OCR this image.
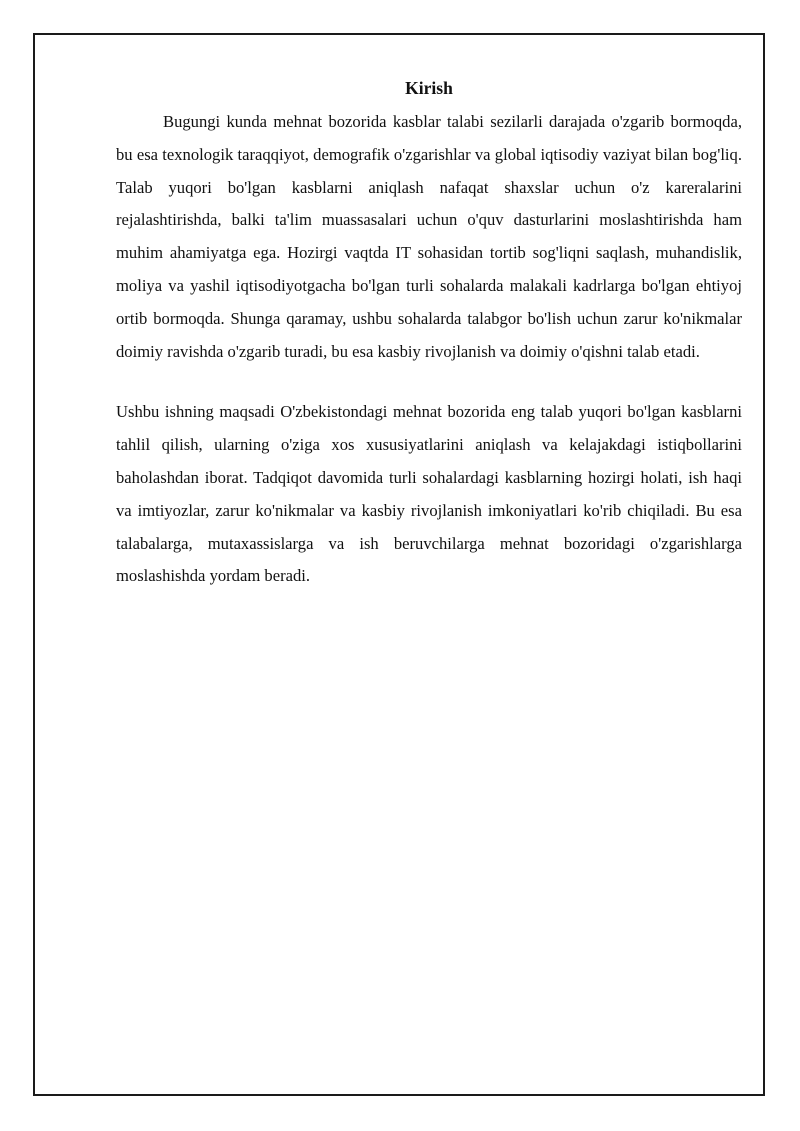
Kirish

Bugungi kunda mehnat bozorida kasblar talabi sezilarli darajada o'zgarib bormoqda, bu esa texnologik taraqqiyot, demografik o'zgarishlar va global iqtisodiy vaziyat bilan bog'liq. Talab yuqori bo'lgan kasblarni aniqlash nafaqat shaxslar uchun o'z kareralarini rejalashtirishda, balki ta'lim muassasalari uchun o'quv dasturlarini moslashtirishda ham muhim ahamiyatga ega. Hozirgi vaqtda IT sohasidan tortib sog'liqni saqlash, muhandislik, moliya va yashil iqtisodiyotgacha bo'lgan turli sohalarda malakali kadrlarga bo'lgan ehtiyoj ortib bormoqda. Shunga qaramay, ushbu sohalarda talabgor bo'lish uchun zarur ko'nikmalar doimiy ravishda o'zgarib turadi, bu esa kasbiy rivojlanish va doimiy o'qishni talab etadi.

Ushbu ishning maqsadi O'zbekistondagi mehnat bozorida eng talab yuqori bo'lgan kasblarni tahlil qilish, ularning o'ziga xos xususiyatlarini aniqlash va kelajakdagi istiqbollarini baholashdan iborat. Tadqiqot davomida turli sohalardagi kasblarning hozirgi holati, ish haqi va imtiyozlar, zarur ko'nikmalar va kasbiy rivojlanish imkoniyatlari ko'rib chiqiladi. Bu esa talabalarga, mutaxassislarga va ish beruvchilarga mehnat bozoridagi o'zgarishlarga moslashishda yordam beradi.
